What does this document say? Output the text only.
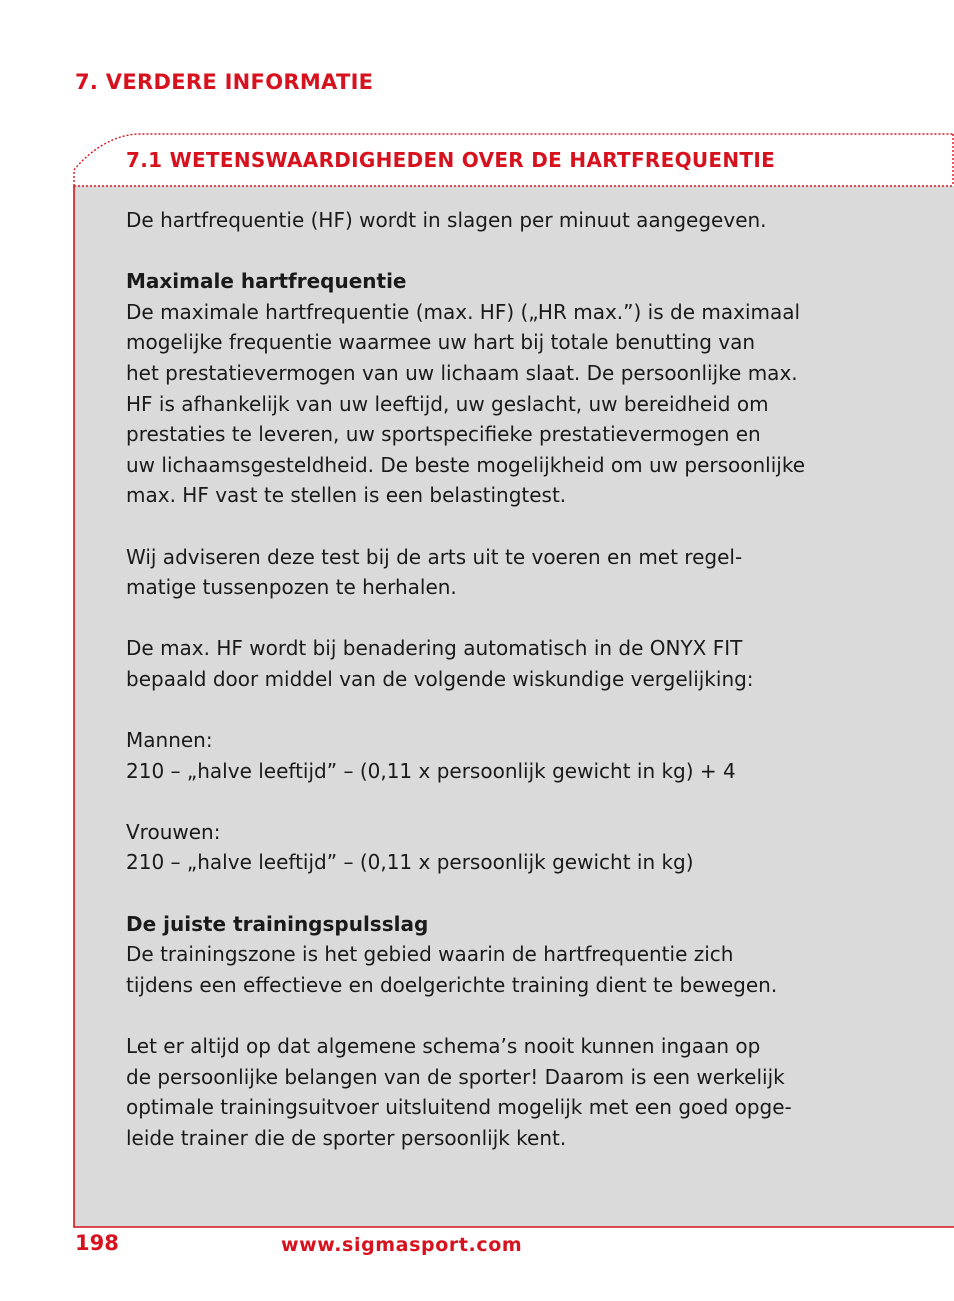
7. VERDERE INFORMATIE
7.1 WETENSWAARDIGHEDEN OVER DE HARTFREQUENTIE

De hartfrequentie (HF) wordt in slagen per minuut aangegeven.

Maximale hartfrequentie

De maximale hartfrequentie (max. HF) („HR max.”) is de maximaal

mogelijke frequentie waarmee uw hart bij totale benutting van

het prestatievermogen van uw lichaam slaat. De persoonlijke max.

HF is afhankelijk van uw leeftijd, uw geslacht, uw bereidheid om

prestaties te leveren, uw sportspecifieke prestatievermogen en

uw lichaamsgesteldheid. De beste mogelijkheid om uw persoonlijke

max. HF vast te stellen is een belastingtest.

Wij adviseren deze test bij de arts uit te voeren en met regel-

matige tussenpozen te herhalen.

De max. HF wordt bij benadering automatisch in de ONYX FIT

bepaald door middel van de volgende wiskundige vergelijking:

Mannen:

210 – „halve leeftijd” – (0,11 x persoonlijk gewicht in kg) + 4

Vrouwen:

210 – „halve leeftijd” – (0,11 x persoonlijk gewicht in kg)

De juiste trainingspulsslag

De trainingszone is het gebied waarin de hartfrequentie zich

tijdens een effectieve en doelgerichte training dient te bewegen.

Let er altijd op dat algemene schema’s nooit kunnen ingaan op

de persoonlijke belangen van de sporter! Daarom is een werkelijk

optimale trainingsuitvoer uitsluitend mogelijk met een goed opge-

leide trainer die de sporter persoonlijk kent.

198	www.sigmasport.com
